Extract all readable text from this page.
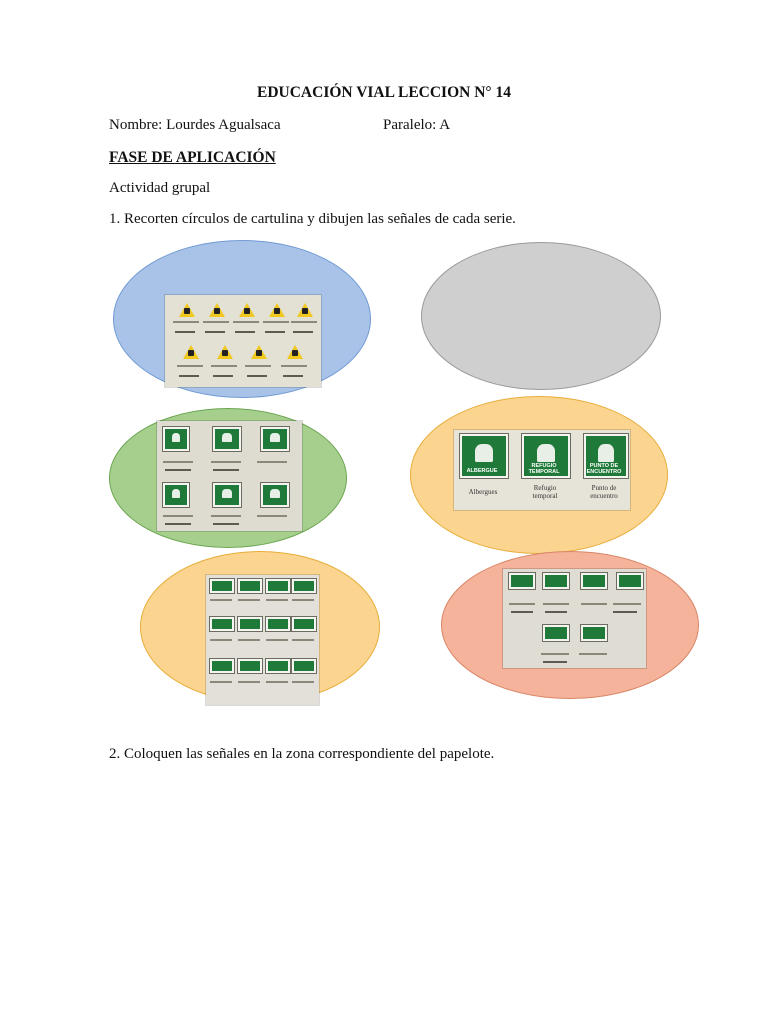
EDUCACIÓN VIAL LECCION N° 14
Nombre: Lourdes Agualsaca	Paralelo: A
FASE DE APLICACIÓN
Actividad grupal
1. Recorten círculos de cartulina y dibujen las señales de cada serie.
ALBERGUE
REFUGIO TEMPORAL
PUNTO DE ENCUENTRO
Albergues	Refugio temporal
Punto de encuentro
2. Coloquen las señales en la zona correspondiente del papelote.
